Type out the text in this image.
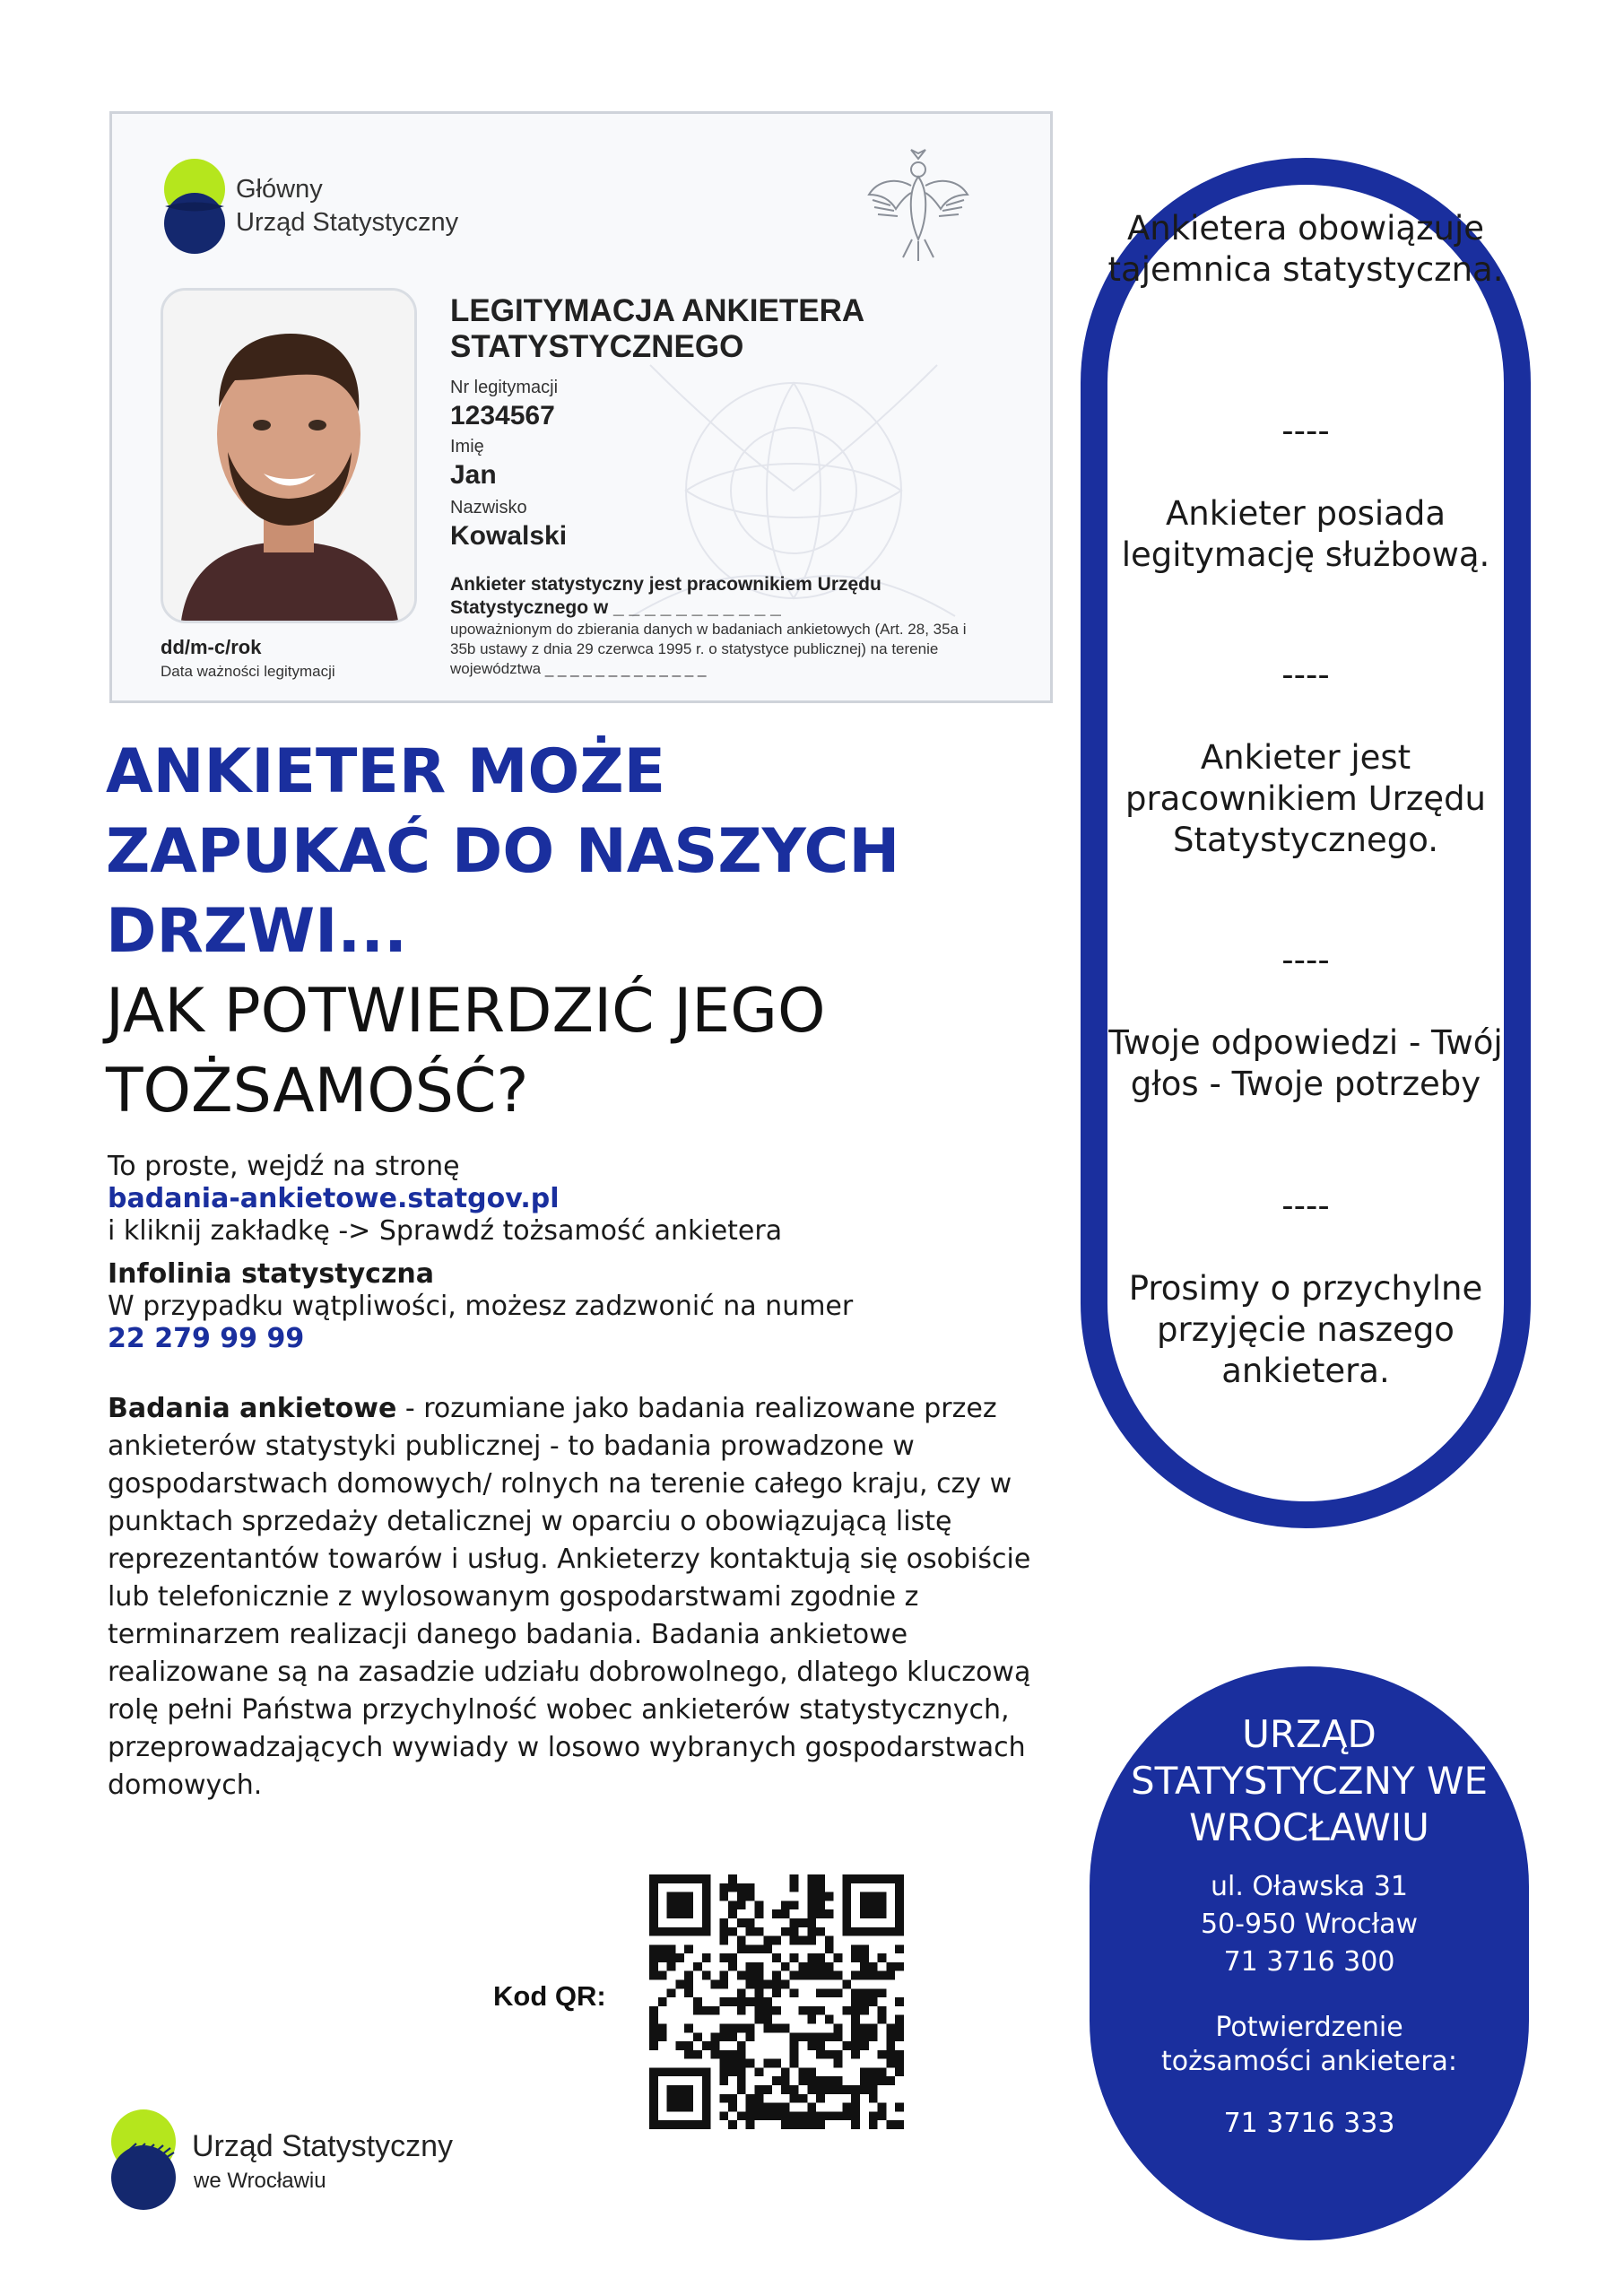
Główny
Urząd Statystyczny
LEGITYMACJA ANKIETERA STATYSTYCZNEGO
Nr legitymacji
1234567
Imię
Jan
Nazwisko
Kowalski
Ankieter statystyczny jest pracownikiem Urzędu Statystycznego w _ _ _ _ _ _ _ _ _ _ _
upoważnionym do zbierania danych w badaniach ankietowych (Art. 28, 35a i 35b ustawy z dnia 29 czerwca 1995 r. o statystyce publicznej) na terenie województwa _ _ _ _ _ _ _ _ _ _ _ _ _
dd/m-c/rok
Data ważności legitymacji
ANKIETER MOŻE ZAPUKAĆ DO NASZYCH DRZWI...
JAK POTWIERDZIĆ JEGO TOŻSAMOŚĆ?
To proste, wejdź na stronę
badania-ankietowe.statgov.pl
i kliknij zakładkę -> Sprawdź tożsamość ankietera
Infolinia statystyczna
W przypadku wątpliwości, możesz zadzwonić na numer
22 279 99 99
Badania ankietowe - rozumiane jako badania realizowane przez ankieterów statystyki publicznej - to badania prowadzone w gospodarstwach domowych/ rolnych na terenie całego kraju, czy w punktach sprzedaży detalicznej w oparciu o obowiązującą listę reprezentantów towarów i usług. Ankieterzy kontaktują się osobiście lub telefonicznie z wylosowanym gospodarstwami zgodnie z terminarzem realizacji danego badania. Badania ankietowe realizowane są na zasadzie udziału dobrowolnego, dlatego kluczową rolę pełni Państwa przychylność wobec ankieterów statystycznych, przeprowadzających wywiady w losowo wybranych gospodarstwach domowych.
Kod QR:
Urząd Statystyczny
we Wrocławiu
Ankietera obowiązuje tajemnica statystyczna.
----
Ankieter posiada legitymację służbową.
----
Ankieter jest pracownikiem Urzędu Statystycznego.
----
Twoje odpowiedzi - Twój głos - Twoje potrzeby
----
Prosimy o przychylne przyjęcie naszego ankietera.
URZĄD STATYSTYCZNY WE WROCŁAWIU
ul. Oławska 31
50-950 Wrocław
71 3716 300
Potwierdzenie tożsamości ankietera:
71 3716 333
